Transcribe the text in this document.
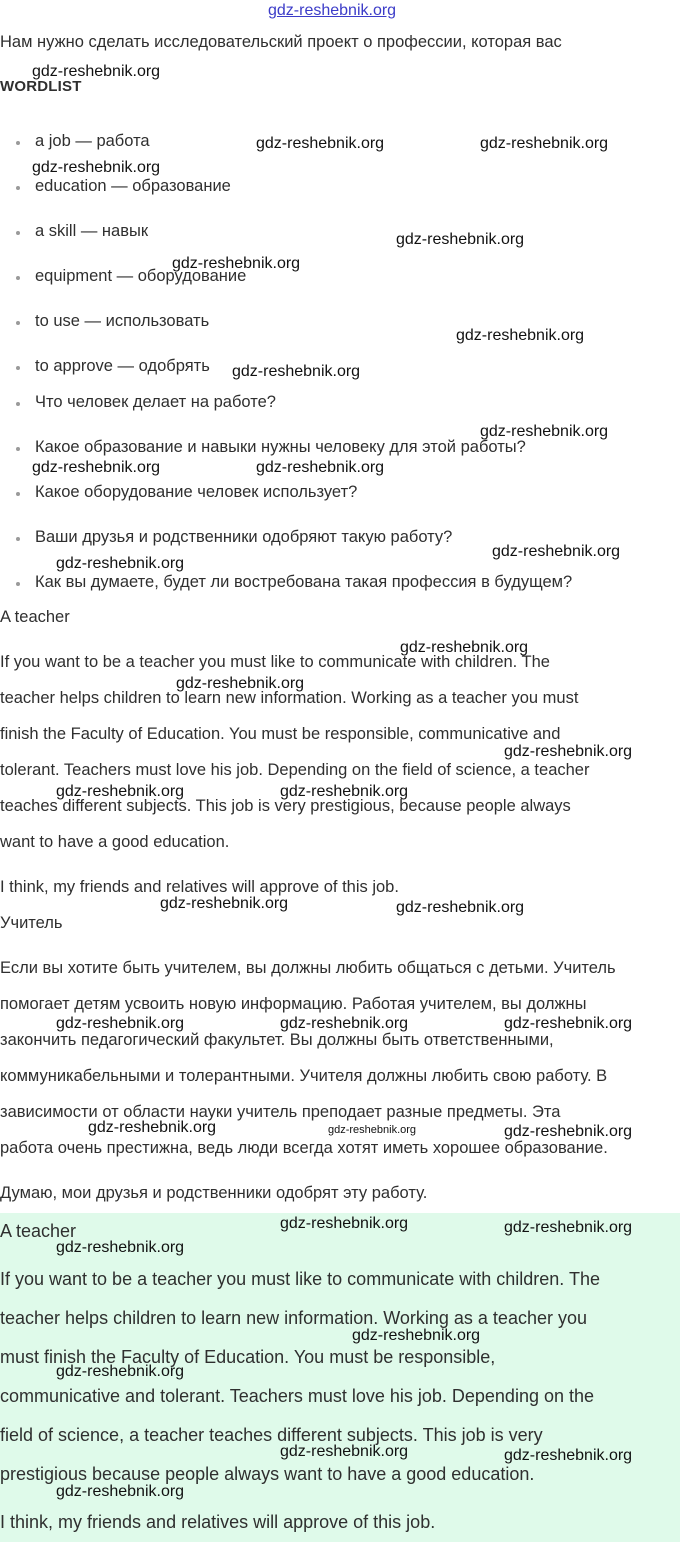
gdz-reshebnik.org
Нам нужно сделать исследовательский проект о профессии, которая вас
WORDLIST
a job — работа
education — образование
a skill — навык
equipment — оборудование
to use — использовать
to approve — одобрять
Что человек делает на работе?
Какое образование и навыки нужны человеку для этой работы?
Какое оборудование человек использует?
Ваши друзья и родственники одобряют такую работу?
Как вы думаете, будет ли востребована такая профессия в будущем?
A teacher
If you want to be a teacher you must like to communicate with children. The
teacher helps children to learn new information. Working as a teacher you must
finish the Faculty of Education. You must be responsible, communicative and
tolerant. Teachers must love his job. Depending on the field of science, a teacher
teaches different subjects. This job is very prestigious, because people always
want to have a good education.
I think, my friends and relatives will approve of this job.
Учитель
Если вы хотите быть учителем, вы должны любить общаться с детьми. Учитель
помогает детям усвоить новую информацию. Работая учителем, вы должны
закончить педагогический факультет. Вы должны быть ответственными,
коммуникабельными и толерантными. Учителя должны любить свою работу. В
зависимости от области науки учитель преподает разные предметы. Эта
работа очень престижна, ведь люди всегда хотят иметь хорошее образование.
Думаю, мои друзья и родственники одобрят эту работу.
A teacher
If you want to be a teacher you must like to communicate with children. The
teacher helps children to learn new information. Working as a teacher you
must finish the Faculty of Education. You must be responsible,
communicative and tolerant. Teachers must love his job. Depending on the
field of science, a teacher teaches different subjects. This job is very
prestigious because people always want to have a good education.
I think, my friends and relatives will approve of this job.
gdz-reshebnik.org
gdz-reshebnik.org	gdz-reshebnik.org
gdz-reshebnik.org
gdz-reshebnik.org
gdz-reshebnik.org
gdz-reshebnik.org
gdz-reshebnik.org
gdz-reshebnik.org
gdz-reshebnik.org	gdz-reshebnik.org
gdz-reshebnik.org
gdz-reshebnik.org
gdz-reshebnik.org
gdz-reshebnik.org
gdz-reshebnik.org
gdz-reshebnik.org	gdz-reshebnik.org
gdz-reshebnik.org	gdz-reshebnik.org
gdz-reshebnik.org	gdz-reshebnik.org	gdz-reshebnik.org
gdz-reshebnik.org	gdz-reshebnik.org	gdz-reshebnik.org
gdz-reshebnik.org	gdz-reshebnik.org
gdz-reshebnik.org
gdz-reshebnik.org
gdz-reshebnik.org
gdz-reshebnik.org	gdz-reshebnik.org
gdz-reshebnik.org
